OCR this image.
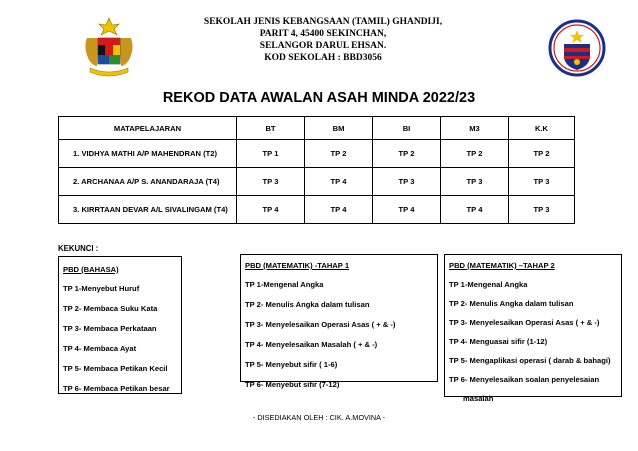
SEKOLAH JENIS KEBANGSAAN (TAMIL) GHANDIJI,
PARIT 4, 45400 SEKINCHAN,
SELANGOR DARUL EHSAN.
KOD SEKOLAH : BBD3056
REKOD DATA AWALAN ASAH MINDA 2022/23
MATAPELAJARAN	BT	BM	BI	M3	K.K
1. VIDHYA MATHI A/P MAHENDRAN (T2)	TP 1	TP 2	TP 2	TP 2	TP 2
2. ARCHANAA A/P S. ANANDARAJA (T4)	TP 3	TP 4	TP 3	TP 3	TP 3
3. KIRRTAAN DEVAR A/L SIVALINGAM (T4)	TP 4	TP 4	TP 4	TP 4	TP 3
KEKUNCI :
PBD (BAHASA)
TP 1-Menyebut Huruf
TP 2- Membaca Suku Kata
TP 3- Membaca Perkataan
TP 4- Membaca Ayat
TP 5- Membaca Petikan Kecil
TP 6- Membaca Petikan besar
PBD (MATEMATIK) -TAHAP 1
TP 1-Mengenal Angka
TP 2- Menulis Angka dalam tulisan
TP 3- Menyelesaikan Operasi Asas ( + & -)
TP 4- Menyelesaikan Masalah ( + & -)
TP 5- Menyebut sifir ( 1-6)
TP 6- Menyebut sifir (7-12)
PBD (MATEMATIK) –TAHAP 2
TP 1-Mengenal Angka
TP 2- Menulis Angka dalam tulisan
TP 3- Menyelesaikan Operasi Asas ( + & -)
TP 4- Menguasai sifir (1-12)
TP 5- Mengaplikasi operasi ( darab & bahagi)
TP 6- Menyelesaikan soalan penyelesaian
masalah
- DISEDIAKAN OLEH : CIK. A.MOVINA -
